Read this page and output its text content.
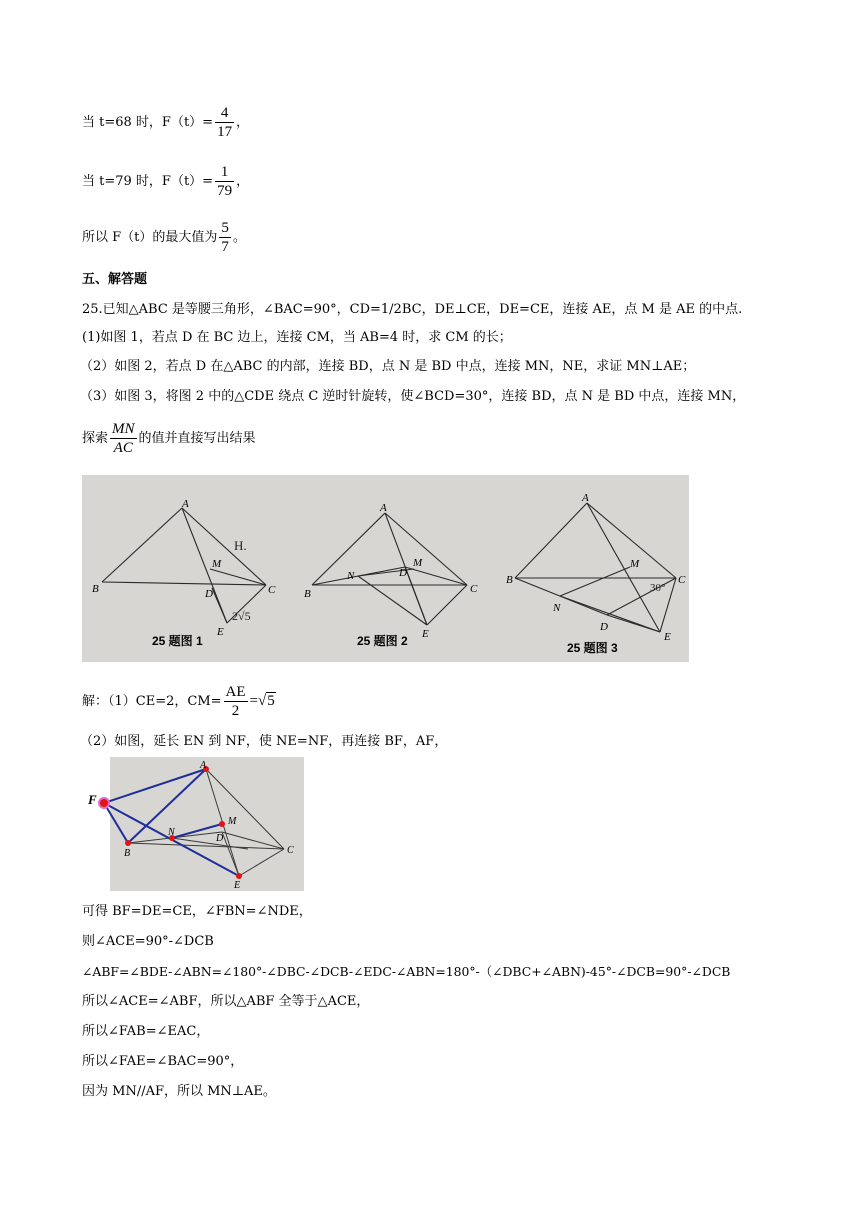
当 t=68 时，$F(t)= \frac{4}{17}$ ，
当 t=79 时，$F(t)= \frac{1}{79}$ ，
所以 F（t）的最大值为 $\frac{5}{7}$ 。
五、解答题
25.已知△ABC 是等腰三角形，∠BAC=90°，CD=1/2BC，DE⊥CE，DE=CE，连接 AE，点 M 是 AE 的中点.
(1)如图 1，若点 D 在 BC 边上，连接 CM，当 AB=4 时，求 CM 的长；
（2）如图 2，若点 D 在△ABC 的内部，连接 BD，点 N 是 BD 中点，连接 MN，NE，求证 MN⊥AE；
（3）如图 3，将图 2 中的△CDE 绕点 C 逆时针旋转，使∠BCD=30°，连接 BD，点 N 是 BD 中点，连接 MN，
探索 $\frac{MN}{AC}$ 的值并直接写出结果
A
B	C
D
E
M
H.
2√5
25 题图 1
A
B	C
D
E
M
N
25 题图 2
A
B	C
D
E
M
N
30°
25 题图 3
解：（1）CE=2，$CM= \frac{AE}{2} =√5$
（2）如图，延长 EN 到 NF，使 NE=NF，再连接 BF，AF，
F
A
B	C
D
E
M
N
可得 BF=DE=CE，∠FBN=∠NDE，
则∠ACE=90°-∠DCB
∠ABF=∠BDE-∠ABN=∠180°-∠DBC-∠DCB-∠EDC-∠ABN=180°-（∠DBC+∠ABN)-45°-∠DCB=90°-∠DCB
所以∠ACE=∠ABF，所以△ABF 全等于△ACE，
所以∠FAB=∠EAC，
所以∠FAE=∠BAC=90°，
因为 MN//AF，所以 MN⊥AE。
